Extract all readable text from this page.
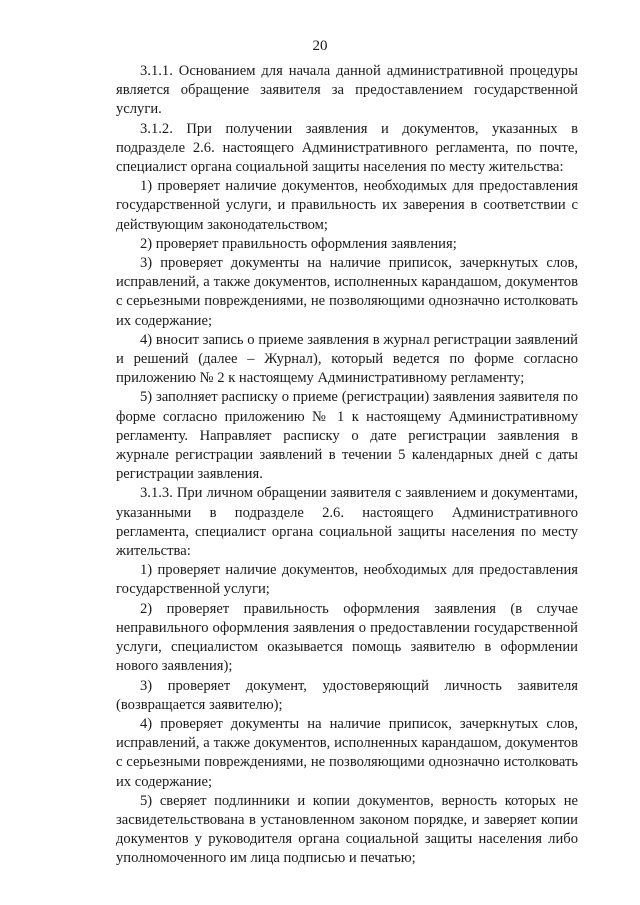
20

3.1.1. Основанием для начала данной административной процедуры является обращение заявителя за предоставлением государственной услуги.

3.1.2. При получении заявления и документов, указанных в подразделе 2.6. настоящего Административного регламента, по почте, специалист органа социальной защиты населения по месту жительства:

1) проверяет наличие документов, необходимых для предоставления государственной услуги, и правильность их заверения в соответствии с действующим законодательством;

2) проверяет правильность оформления заявления;

3) проверяет документы на наличие приписок, зачеркнутых слов, исправлений, а также документов, исполненных карандашом, документов с серьезными повреждениями, не позволяющими однозначно истолковать их содержание;

4) вносит запись о приеме заявления в журнал регистрации заявлений и решений (далее – Журнал), который ведется по форме согласно приложению № 2 к настоящему Административному регламенту;

5) заполняет расписку о приеме (регистрации) заявления заявителя по форме согласно приложению № 1 к настоящему Административному регламенту. Направляет расписку о дате регистрации заявления в журнале регистрации заявлений в течении 5 календарных дней с даты регистрации заявления.

3.1.3. При личном обращении заявителя с заявлением и документами, указанными в подразделе 2.6. настоящего Административного регламента, специалист органа социальной защиты населения по месту жительства:

1) проверяет наличие документов, необходимых для предоставления государственной услуги;

2) проверяет правильность оформления заявления (в случае неправильного оформления заявления о предоставлении государственной услуги, специалистом оказывается помощь заявителю в оформлении нового заявления);

3) проверяет документ, удостоверяющий личность заявителя (возвращается заявителю);

4) проверяет документы на наличие приписок, зачеркнутых слов, исправлений, а также документов, исполненных карандашом, документов с серьезными повреждениями, не позволяющими однозначно истолковать их содержание;

5) сверяет подлинники и копии документов, верность которых не засвидетельствована в установленном законом порядке, и заверяет копии документов у руководителя органа социальной защиты населения либо уполномоченного им лица подписью и печатью;
